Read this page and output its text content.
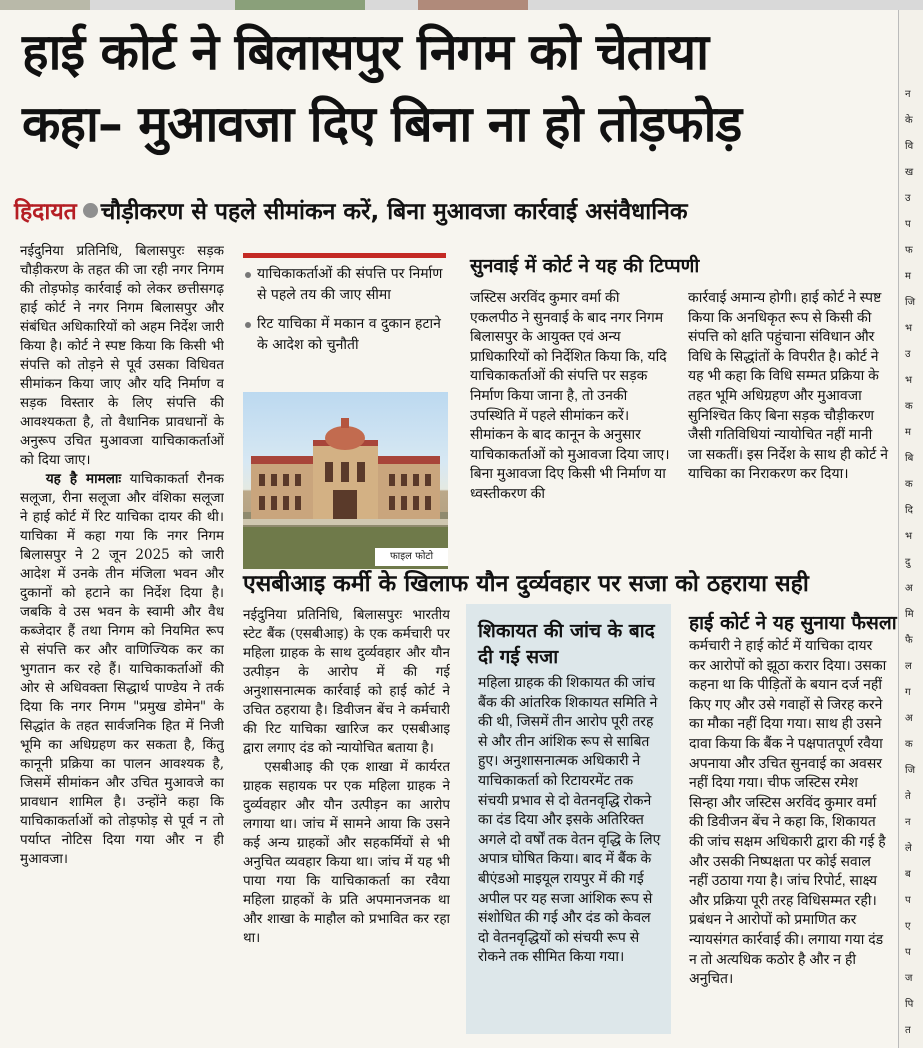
हाई कोर्ट ने बिलासपुर निगम को चेताया
कहा– मुआवजा दिए बिना ना हो तोड़फोड़
हिदायत चौड़ीकरण से पहले सीमांकन करें, बिना मुआवजा कार्रवाई असंवैधानिक

नईदुनिया प्रतिनिधि, बिलासपुरः सड़क चौड़ीकरण के तहत की जा रही नगर निगम की तोड़फोड़ कार्रवाई को लेकर छत्तीसगढ़ हाई कोर्ट ने नगर निगम बिलासपुर और संबंधित अधिकारियों को अहम निर्देश जारी किया है। कोर्ट ने स्पष्ट किया कि किसी भी संपत्ति को तोड़ने से पूर्व उसका विधिवत सीमांकन किया जाए और यदि निर्माण व सड़क विस्तार के लिए संपत्ति की आवश्यकता है, तो वैधानिक प्रावधानों के अनुरूप उचित मुआवजा याचिकाकर्ताओं को दिया जाए।

यह है मामलाः याचिकाकर्ता रौनक सलूजा, रीना सलूजा और वंशिका सलूजा ने हाई कोर्ट में रिट याचिका दायर की थी। याचिका में कहा गया कि नगर निगम बिलासपुर ने 2 जून 2025 को जारी आदेश में उनके तीन मंजिला भवन और दुकानों को हटाने का निर्देश दिया है। जबकि वे उस भवन के स्वामी और वैध कब्जेदार हैं तथा निगम को नियमित रूप से संपत्ति कर और वाणिज्यिक कर का भुगतान कर रहे हैं। याचिकाकर्ताओं की ओर से अधिवक्ता सिद्धार्थ पाण्डेय ने तर्क दिया कि नगर निगम "प्रमुख डोमेन" के सिद्धांत के तहत सार्वजनिक हित में निजी भूमि का अधिग्रहण कर सकता है, किंतु कानूनी प्रक्रिया का पालन आवश्यक है, जिसमें सीमांकन और उचित मुआवजे का प्रावधान शामिल है। उन्होंने कहा कि याचिकाकर्ताओं को तोड़फोड़ से पूर्व न तो पर्याप्त नोटिस दिया गया और न ही मुआवजा।

याचिकाकर्ताओं की संपत्ति पर निर्माण से पहले तय की जाए सीमा
रिट याचिका में मकान व दुकान हटाने के आदेश को चुनौती
फाइल फोटो
सुनवाई में कोर्ट ने यह की टिप्पणी

जस्टिस अरविंद कुमार वर्मा की एकलपीठ ने सुनवाई के बाद नगर निगम बिलासपुर के आयुक्त एवं अन्य प्राधिकारियों को निर्देशित किया कि, यदि याचिकाकर्ताओं की संपत्ति पर सड़क निर्माण किया जाना है, तो उनकी उपस्थिति में पहले सीमांकन करें। सीमांकन के बाद कानून के अनुसार याचिकाकर्ताओं को मुआवजा दिया जाए। बिना मुआवजा दिए किसी भी निर्माण या ध्वस्तीकरण की

कार्रवाई अमान्य होगी। हाई कोर्ट ने स्पष्ट किया कि अनधिकृत रूप से किसी की संपत्ति को क्षति पहुंचाना संविधान और विधि के सिद्धांतों के विपरीत है। कोर्ट ने यह भी कहा कि विधि सम्मत प्रक्रिया के तहत भूमि अधिग्रहण और मुआवजा सुनिश्चित किए बिना सड़क चौड़ीकरण जैसी गतिविधियां न्यायोचित नहीं मानी जा सकतीं। इस निर्देश के साथ ही कोर्ट ने याचिका का निराकरण कर दिया।

एसबीआइ कर्मी के खिलाफ यौन दुर्व्यवहार पर सजा को ठहराया सही

नईदुनिया प्रतिनिधि, बिलासपुरः भारतीय स्टेट बैंक (एसबीआइ) के एक कर्मचारी पर महिला ग्राहक के साथ दुर्व्यवहार और यौन उत्पीड़न के आरोप में की गई अनुशासनात्मक कार्रवाई को हाई कोर्ट ने उचित ठहराया है। डिवीजन बेंच ने कर्मचारी की रिट याचिका खारिज कर एसबीआइ द्वारा लगाए दंड को न्यायोचित बताया है।

एसबीआइ की एक शाखा में कार्यरत ग्राहक सहायक पर एक महिला ग्राहक ने दुर्व्यवहार और यौन उत्पीड़न का आरोप लगाया था। जांच में सामने आया कि उसने कई अन्य ग्राहकों और सहकर्मियों से भी अनुचित व्यवहार किया था। जांच में यह भी पाया गया कि याचिकाकर्ता का रवैया महिला ग्राहकों के प्रति अपमानजनक था और शाखा के माहौल को प्रभावित कर रहा था।

शिकायत की जांच के बाद दी गई सजा

महिला ग्राहक की शिकायत की जांच बैंक की आंतरिक शिकायत समिति ने की थी, जिसमें तीन आरोप पूरी तरह से और तीन आंशिक रूप से साबित हुए। अनुशासनात्मक अधिकारी ने याचिकाकर्ता को रिटायरमेंट तक संचयी प्रभाव से दो वेतनवृद्धि रोकने का दंड दिया और इसके अतिरिक्त अगले दो वर्षों तक वेतन वृद्धि के लिए अपात्र घोषित किया। बाद में बैंक के बीएंडओ माइयूल रायपुर में की गई अपील पर यह सजा आंशिक रूप से संशोधित की गई और दंड को केवल दो वेतनवृद्धियों को संचयी रूप से रोकने तक सीमित किया गया।

हाई कोर्ट ने यह सुनाया फैसला

कर्मचारी ने हाई कोर्ट में याचिका दायर कर आरोपों को झूठा करार दिया। उसका कहना था कि पीड़ितों के बयान दर्ज नहीं किए गए और उसे गवाहों से जिरह करने का मौका नहीं दिया गया। साथ ही उसने दावा किया कि बैंक ने पक्षपातपूर्ण रवैया अपनाया और उचित सुनवाई का अवसर नहीं दिया गया। चीफ जस्टिस रमेश सिन्हा और जस्टिस अरविंद कुमार वर्मा की डिवीजन बेंच ने कहा कि, शिकायत की जांच सक्षम अधिकारी द्वारा की गई है और उसकी निष्पक्षता पर कोई सवाल नहीं उठाया गया है। जांच रिपोर्ट, साक्ष्य और प्रक्रिया पूरी तरह विधिसम्मत रही। प्रबंधन ने आरोपों को प्रमाणित कर न्यायसंगत कार्रवाई की। लगाया गया दंड न तो अत्यधिक कठोर है और न ही अनुचित।

न
के
वि
ख
उ
प
फ
म
जि
भ
उ
भ
क
म
बि
क
दि
भ
दु
अ
मि
फै
ल
ग
अ
क
जि
ते
न
ले
ब
प
ए
प
ज
पि
त
